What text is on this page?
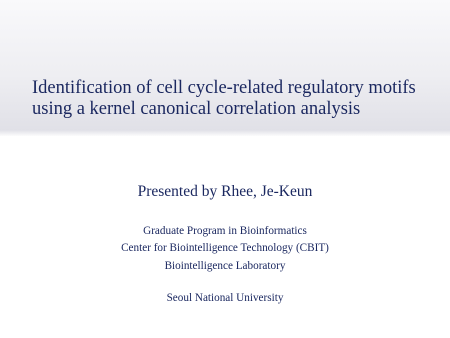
Identification of cell cycle-related regulatory motifs
using a kernel canonical correlation analysis
Presented by Rhee, Je-Keun
Graduate Program in Bioinformatics
Center for Biointelligence Technology (CBIT)
Biointelligence Laboratory
Seoul National University
